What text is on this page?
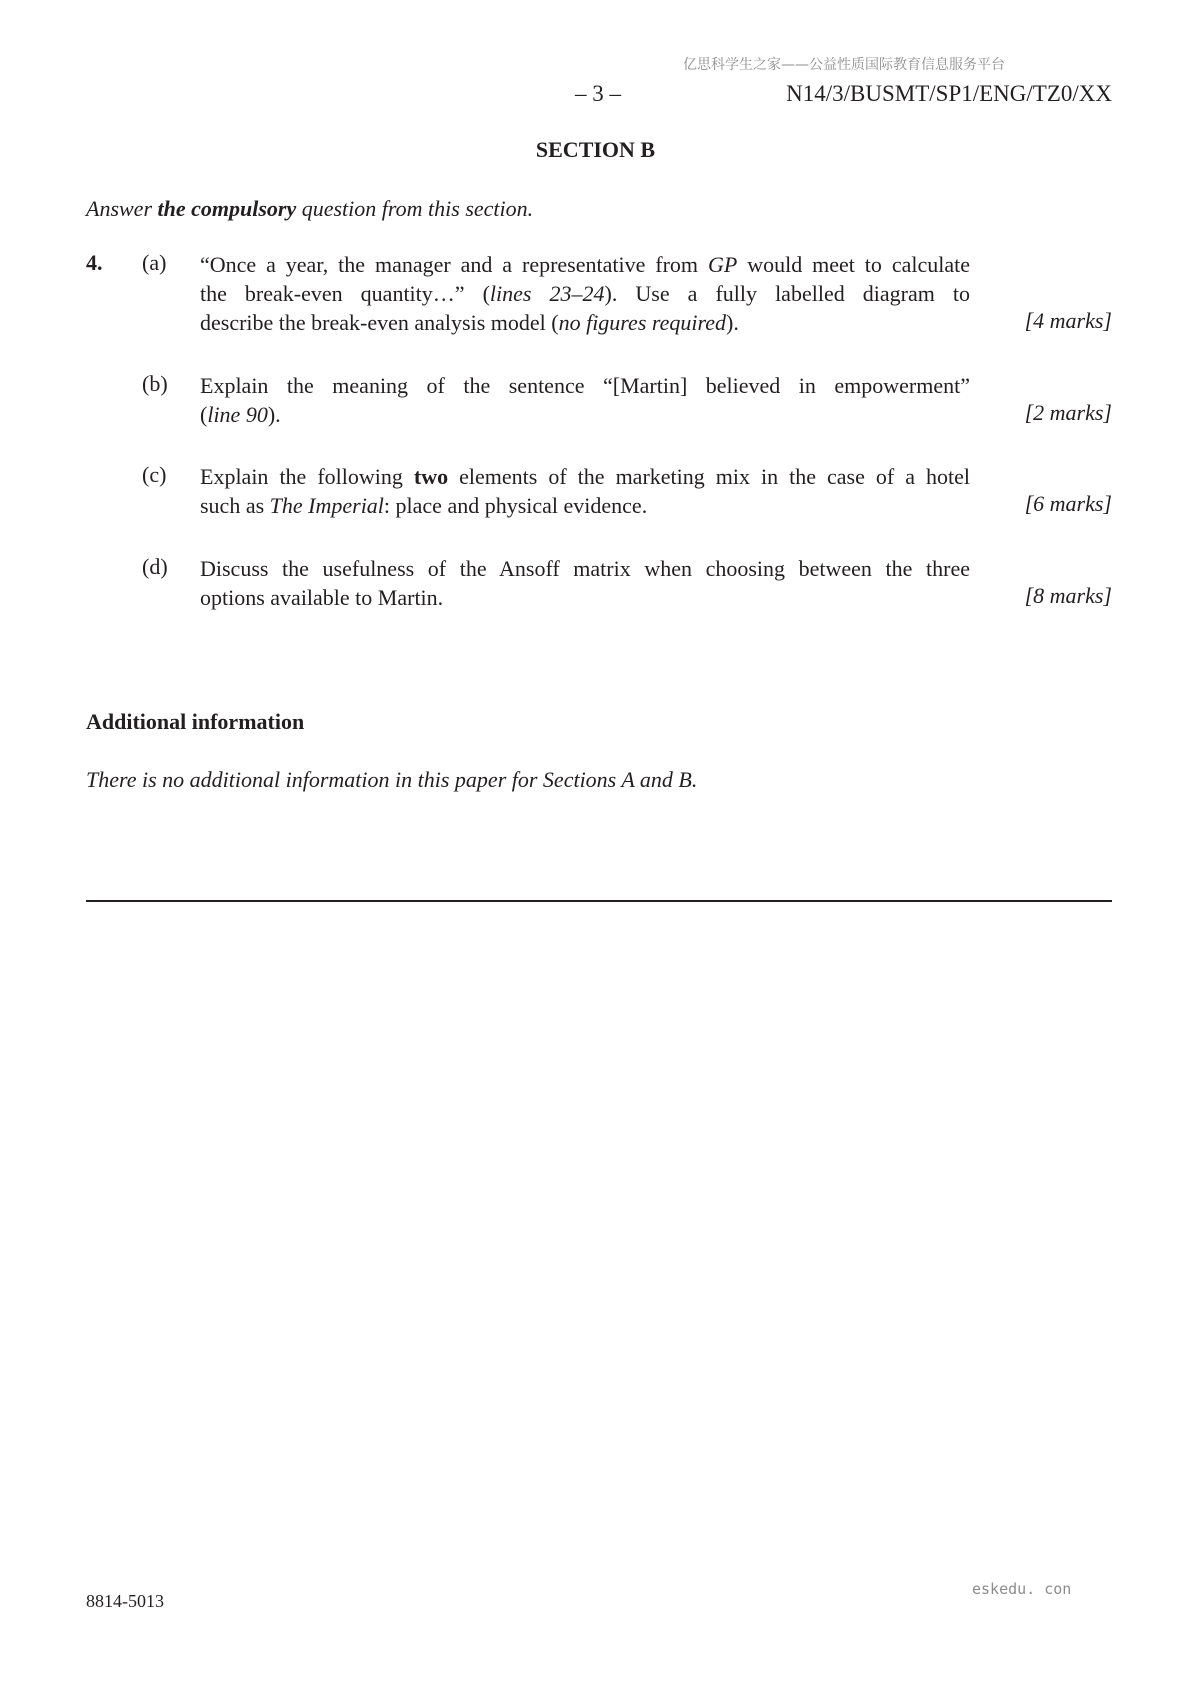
亿思科学生之家——公益性质国际教育信息服务平台
– 3 –	N14/3/BUSMT/SP1/ENG/TZ0/XX
SECTION B
Answer the compulsory question from this section.
4. (a) “Once a year, the manager and a representative from GP would meet to calculate
the break-even quantity…” (lines 23–24). Use a fully labelled diagram to
describe the break-even analysis model (no figures required).	[4 marks]
(b) Explain the meaning of the sentence “[Martin] believed in empowerment”
(line 90).	[2 marks]
(c) Explain the following two elements of the marketing mix in the case of a hotel
such as The Imperial: place and physical evidence.	[6 marks]
(d) Discuss the usefulness of the Ansoff matrix when choosing between the three
options available to Martin.	[8 marks]
Additional information
There is no additional information in this paper for Sections A and B.
8814-5013
eskedu. con
